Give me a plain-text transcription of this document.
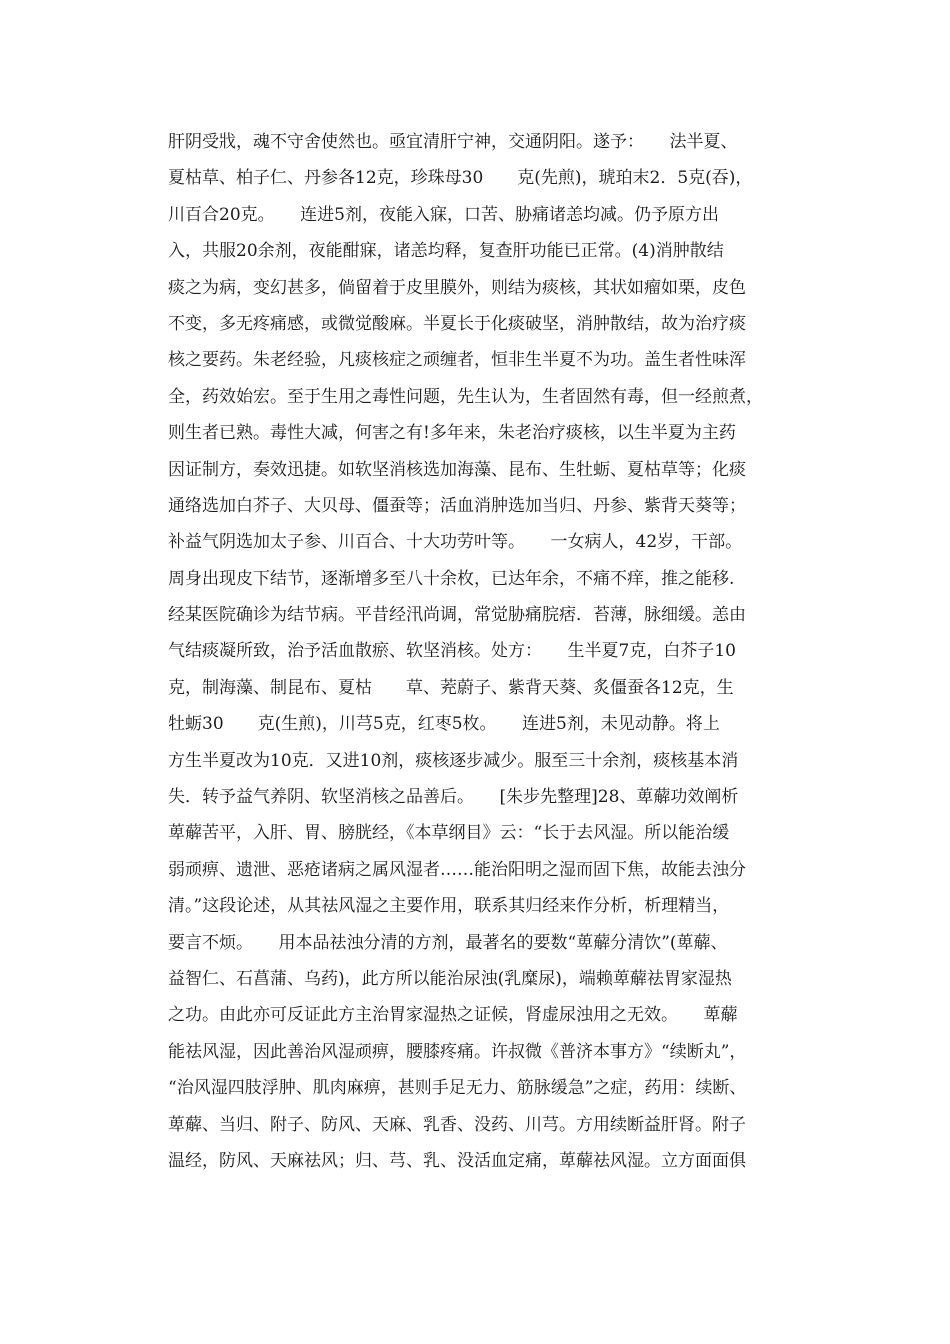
肝阴受戕，魂不守舍使然也。亟宜清肝宁神，交通阴阳。遂予：　　法半夏、
夏枯草、柏子仁、丹参各12克，珍珠母30　　克(先煎)，琥珀末2．5克(吞)，
川百合20克。　　连进5剂，夜能入寐，口苦、胁痛诸恙均减。仍予原方出
入，共服20余剂，夜能酣寐，诸恙均释，复查肝功能已正常。(4)消肿散结
痰之为病，变幻甚多，倘留着于皮里膜外，则结为痰核，其状如瘤如栗，皮色
不变，多无疼痛感，或微觉酸麻。半夏长于化痰破坚，消肿散结，故为治疗痰
核之要药。朱老经验，凡痰核症之顽缠者，恒非生半夏不为功。盖生者性味浑
全，药效始宏。至于生用之毒性问题，先生认为，生者固然有毒，但一经煎煮，
则生者已熟。毒性大减，何害之有!多年来，朱老治疗痰核，以生半夏为主药
因证制方，奏效迅捷。如软坚消核选加海藻、昆布、生牡蛎、夏枯草等；化痰
通络选加白芥子、大贝母、僵蚕等；活血消肿选加当归、丹参、紫背天葵等；
补益气阴选加太子参、川百合、十大功劳叶等。　　一女病人，42岁，干部。
周身出现皮下结节，逐渐增多至八十余枚，已达年余，不痛不痒，推之能移.
经某医院确诊为结节病。平昔经汛尚调，常觉胁痛脘痞．苔薄，脉细缓。恙由
气结痰凝所致，治予活血散瘀、软坚消核。处方：　　生半夏7克，白芥子10
克，制海藻、制昆布、夏枯　　草、茺蔚子、紫背天葵、炙僵蚕各12克，生
牡蛎30　　克(生煎)，川芎5克，红枣5枚。　　连进5剂，未见动静。将上
方生半夏改为10克．又进10剂，痰核逐步减少。服至三十余剂，痰核基本消
失．转予益气养阴、软坚消核之品善后。　　[朱步先整理]28、萆薢功效阐析
萆薢苦平，入肝、胃、膀胱经，《本草纲目》云：“长于去风湿。所以能治缓
弱顽痹、遗泄、恶疮诸病之属风湿者……能治阳明之湿而固下焦，故能去浊分
清。”这段论述，从其祛风湿之主要作用，联系其归经来作分析，析理精当，
要言不烦。　　用本品祛浊分清的方剂，最著名的要数“萆薢分清饮”(萆薢、
益智仁、石菖蒲、乌药)，此方所以能治尿浊(乳糜尿)，端赖萆薢祛胃家湿热
之功。由此亦可反证此方主治胃家湿热之证候，肾虚尿浊用之无效。　　萆薢
能祛风湿，因此善治风湿顽痹，腰膝疼痛。许叔微《普济本事方》“续断丸”，
“治风湿四肢浮肿、肌肉麻痹，甚则手足无力、筋脉缓急”之症，药用：续断、
萆薢、当归、附子、防风、天麻、乳香、没药、川芎。方用续断益肝肾。附子
温经，防风、天麻祛风；归、芎、乳、没活血定痛，萆薢祛风湿。立方面面俱
